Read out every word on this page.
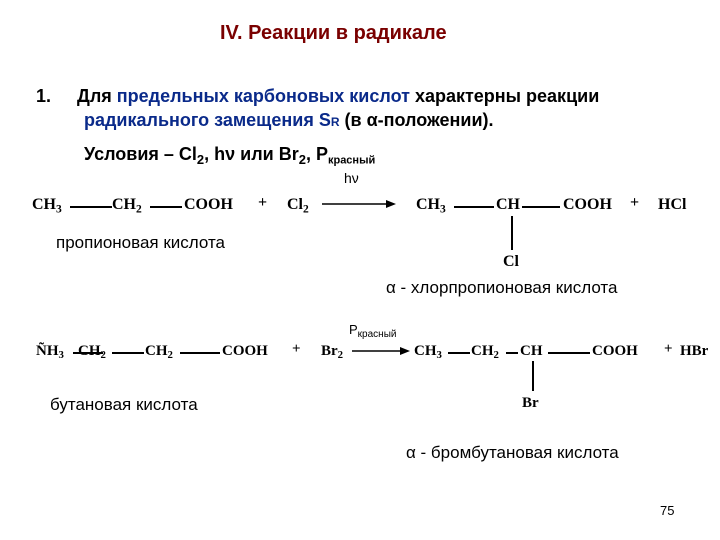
IV. Реакции в радикале
1. Для предельных карбоновых кислот характерны реакции
радикального замещения SR (в α-положении).
Условия – $Cl_2$, hν или $Br_2$, $P_{красный}$
$CH_3$	$CH_2$	COOH + $Cl_2$
hν
$CH_3$	CH	COOH + HCl
Cl
пропионовая кислота
α - хлорпропионовая кислота
$P_{красный}$
$ÑH_3$ $CH_2$	$CH_2$	COOH + $Br_2 \to CH_3$ $CH_2$ CH	COOH + HBr
Br
бутановая кислота
α - бромбутановая кислота
75
